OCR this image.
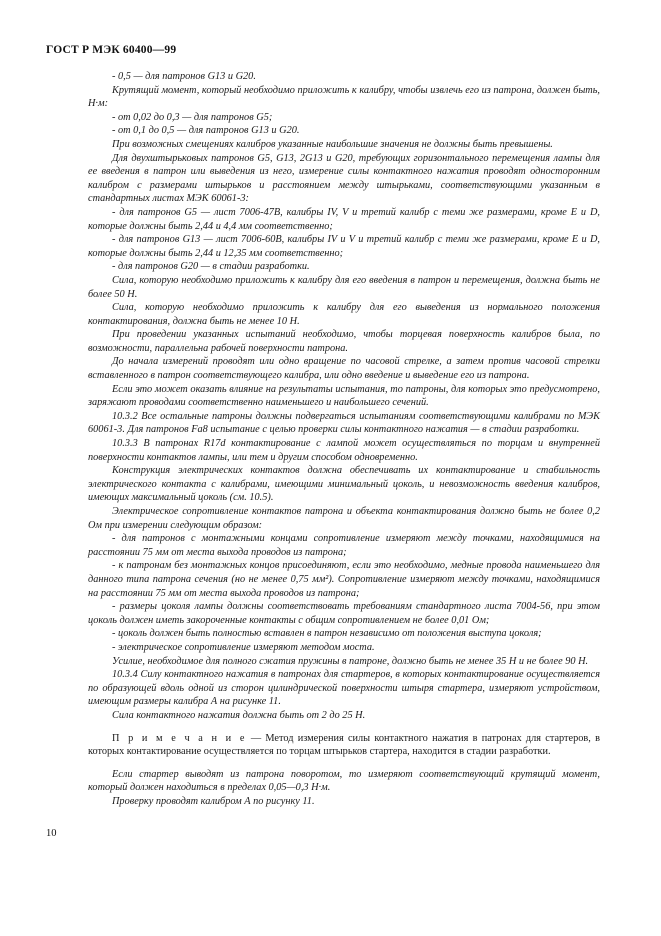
ГОСТ Р МЭК 60400—99

- 0,5 — для патронов G13 и G20.

Крутящий момент, который необходимо приложить к калибру, чтобы извлечь его из патрона, должен быть, Н·м:

- от 0,02 до 0,3 — для патронов G5;

- от 0,1 до 0,5 — для патронов G13 и G20.

При возможных смещениях калибров указанные наибольшие значения не должны быть превышены.

Для двухштырьковых патронов G5, G13, 2G13 и G20, требующих горизонтального перемещения лампы для ее введения в патрон или выведения из него, измерение силы контактного нажатия проводят односторонним калибром с размерами штырьков и расстоянием между штырьками, соответствующими указанным в стандартных листах МЭК 60061-3:

- для патронов G5 — лист 7006-47В, калибры IV, V и третий калибр с теми же размерами, кроме E и D, которые должны быть 2,44 и 4,4 мм соответственно;

- для патронов G13 — лист 7006-60В, калибры IV и V и третий калибр с теми же размерами, кроме E и D, которые должны быть 2,44 и 12,35 мм соответственно;

- для патронов G20 — в стадии разработки.

Сила, которую необходимо приложить к калибру для его введения в патрон и перемещения, должна быть не более 50 Н.

Сила, которую необходимо приложить к калибру для его выведения из нормального положения контактирования, должна быть не менее 10 Н.

При проведении указанных испытаний необходимо, чтобы торцевая поверхность калибров была, по возможности, параллельна рабочей поверхности патрона.

До начала измерений проводят или одно вращение по часовой стрелке, а затем против часовой стрелки вставленного в патрон соответствующего калибра, или одно введение и выведение его из патрона.

Если это может оказать влияние на результаты испытания, то патроны, для которых это предусмотрено, заряжают проводами соответственно наименьшего и наибольшего сечений.

10.3.2 Все остальные патроны должны подвергаться испытаниям соответствующими калибрами по МЭК 60061-3. Для патронов Fa8 испытание с целью проверки силы контактного нажатия — в стадии разработки.

10.3.3 В патронах R17d контактирование с лампой может осуществляться по торцам и внутренней поверхности контактов лампы, или тем и другим способом одновременно.

Конструкция электрических контактов должна обеспечивать их контактирование и стабильность электрического контакта с калибрами, имеющими минимальный цоколь, и невозможность введения калибров, имеющих максимальный цоколь (см. 10.5).

Электрическое сопротивление контактов патрона и объекта контактирования должно быть не более 0,2 Ом при измерении следующим образом:

- для патронов с монтажными концами сопротивление измеряют между точками, находящимися на расстоянии 75 мм от места выхода проводов из патрона;

- к патронам без монтажных концов присоединяют, если это необходимо, медные провода наименьшего для данного типа патрона сечения (но не менее 0,75 мм²). Сопротивление измеряют между точками, находящимися на расстоянии 75 мм от места выхода проводов из патрона;

- размеры цоколя лампы должны соответствовать требованиям стандартного листа 7004-56, при этом цоколь должен иметь закороченные контакты с общим сопротивлением не более 0,01 Ом;

- цоколь должен быть полностью вставлен в патрон независимо от положения выступа цоколя;

- электрическое сопротивление измеряют методом моста.

Усилие, необходимое для полного сжатия пружины в патроне, должно быть не менее 35 Н и не более 90 Н.

10.3.4 Силу контактного нажатия в патронах для стартеров, в которых контактирование осуществляется по образующей вдоль одной из сторон цилиндрической поверхности штыря стартера, измеряют устройством, имеющим размеры калибра А на рисунке 11.

Сила контактного нажатия должна быть от 2 до 25 Н.

П р и м е ч а н и е — Метод измерения силы контактного нажатия в патронах для стартеров, в которых контактирование осуществляется по торцам штырьков стартера, находится в стадии разработки.

Если стартер выводят из патрона поворотом, то измеряют соответствующий крутящий момент, который должен находиться в пределах 0,05—0,3 Н·м.

Проверку проводят калибром А по рисунку 11.

10
